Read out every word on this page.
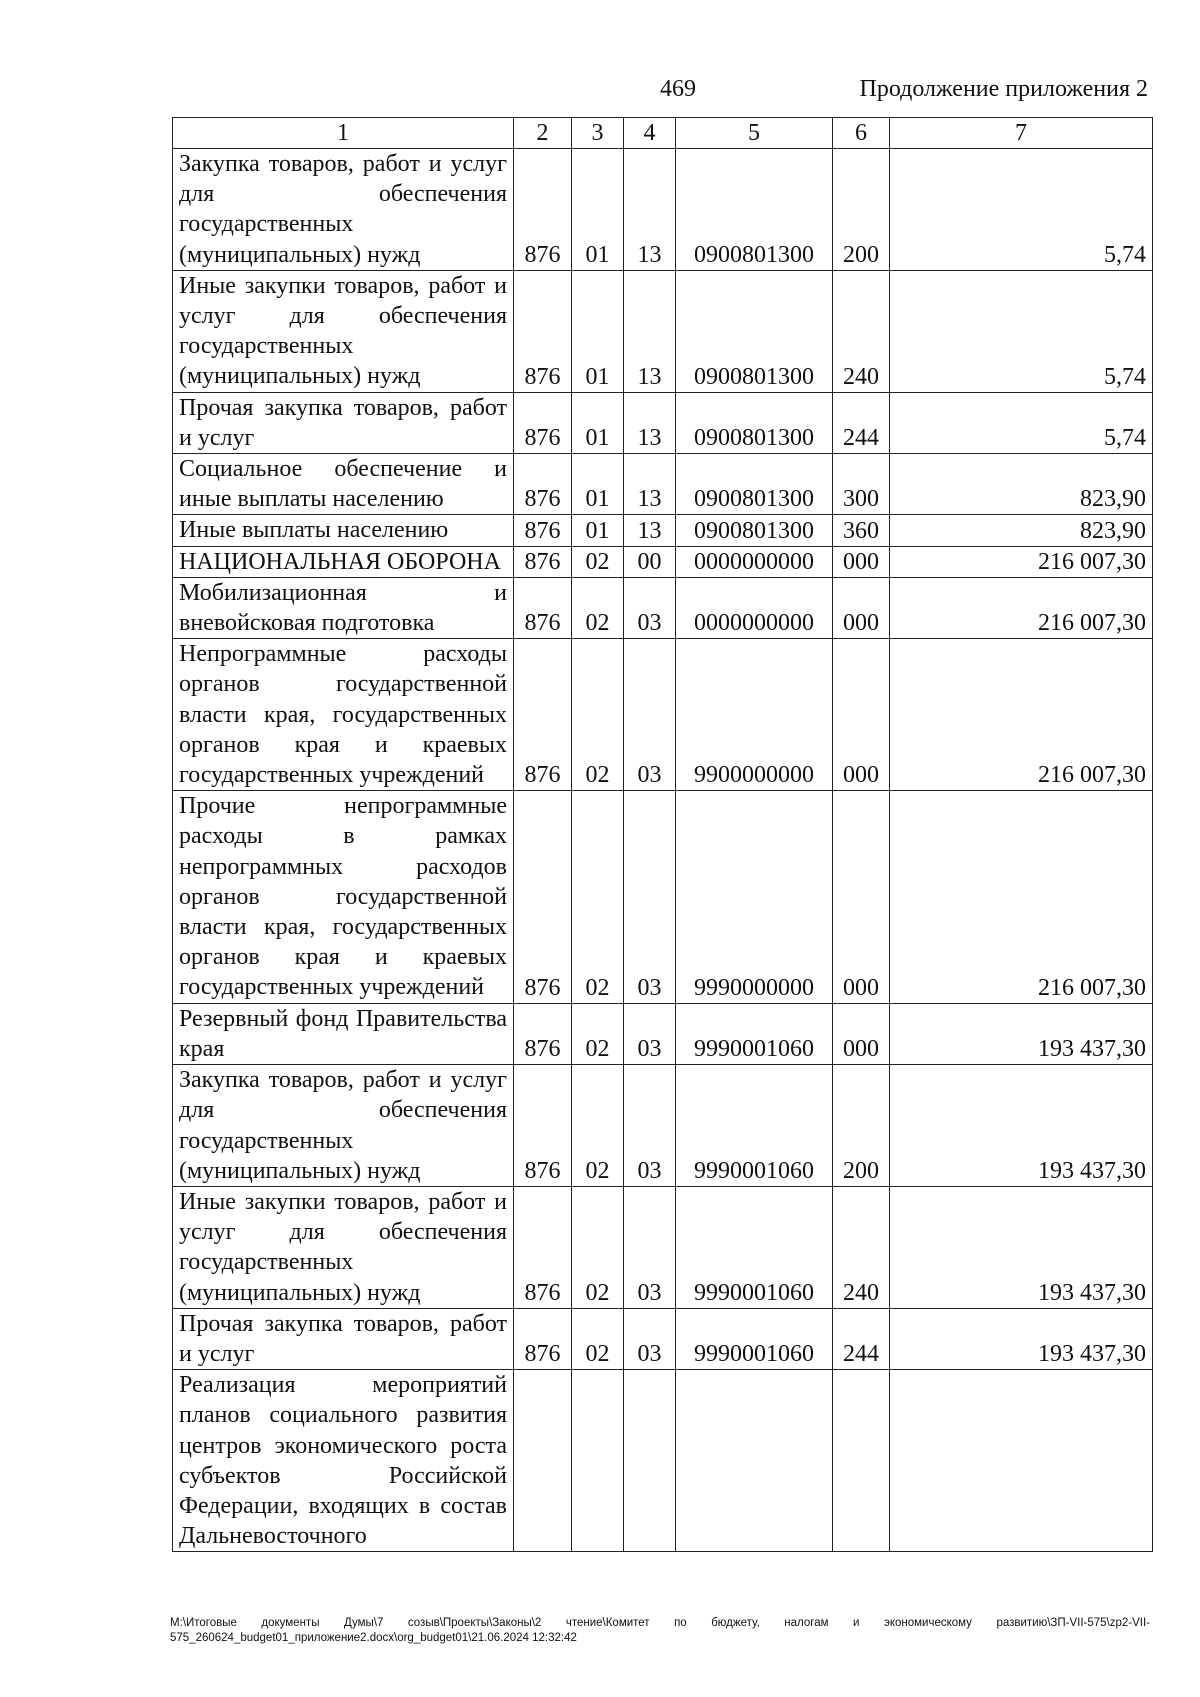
469	Продолжение приложения 2
1	2	3	4	5	6	7
Закупка товаров, работ и услуг для обеспечения государственных (муниципальных) нужд	876	01	13	0900801300	200	5,74
Иные закупки товаров, работ и услуг для обеспечения государственных (муниципальных) нужд	876	01	13	0900801300	240	5,74
Прочая закупка товаров, работ и услуг	876	01	13	0900801300	244	5,74
Социальное обеспечение и иные выплаты населению	876	01	13	0900801300	300	823,90
Иные выплаты населению	876	01	13	0900801300	360	823,90
НАЦИОНАЛЬНАЯ ОБОРОНА	876	02	00	0000000000	000	216 007,30
Мобилизационная и вневойсковая подготовка	876	02	03	0000000000	000	216 007,30
Непрограммные расходы органов государственной власти края, государственных органов края и краевых государственных учреждений	876	02	03	9900000000	000	216 007,30
Прочие непрограммные расходы в рамках непрограммных расходов органов государственной власти края, государственных органов края и краевых государственных учреждений	876	02	03	9990000000	000	216 007,30
Резервный фонд Правительства края	876	02	03	9990001060	000	193 437,30
Закупка товаров, работ и услуг для обеспечения государственных (муниципальных) нужд	876	02	03	9990001060	200	193 437,30
Иные закупки товаров, работ и услуг для обеспечения государственных (муниципальных) нужд	876	02	03	9990001060	240	193 437,30
Прочая закупка товаров, работ и услуг	876	02	03	9990001060	244	193 437,30
Реализация мероприятий планов социального развития центров экономического роста субъектов Российской Федерации, входящих в состав Дальневосточного						
M:\Итоговые документы Думы\7 созыв\Проекты\Законы\2 чтение\Комитет по бюджету, налогам и экономическому развитию\ЗП-VII-575\zp2-VII-575_260624_budget01_приложение2.docx\org_budget01\21.06.2024 12:32:42
